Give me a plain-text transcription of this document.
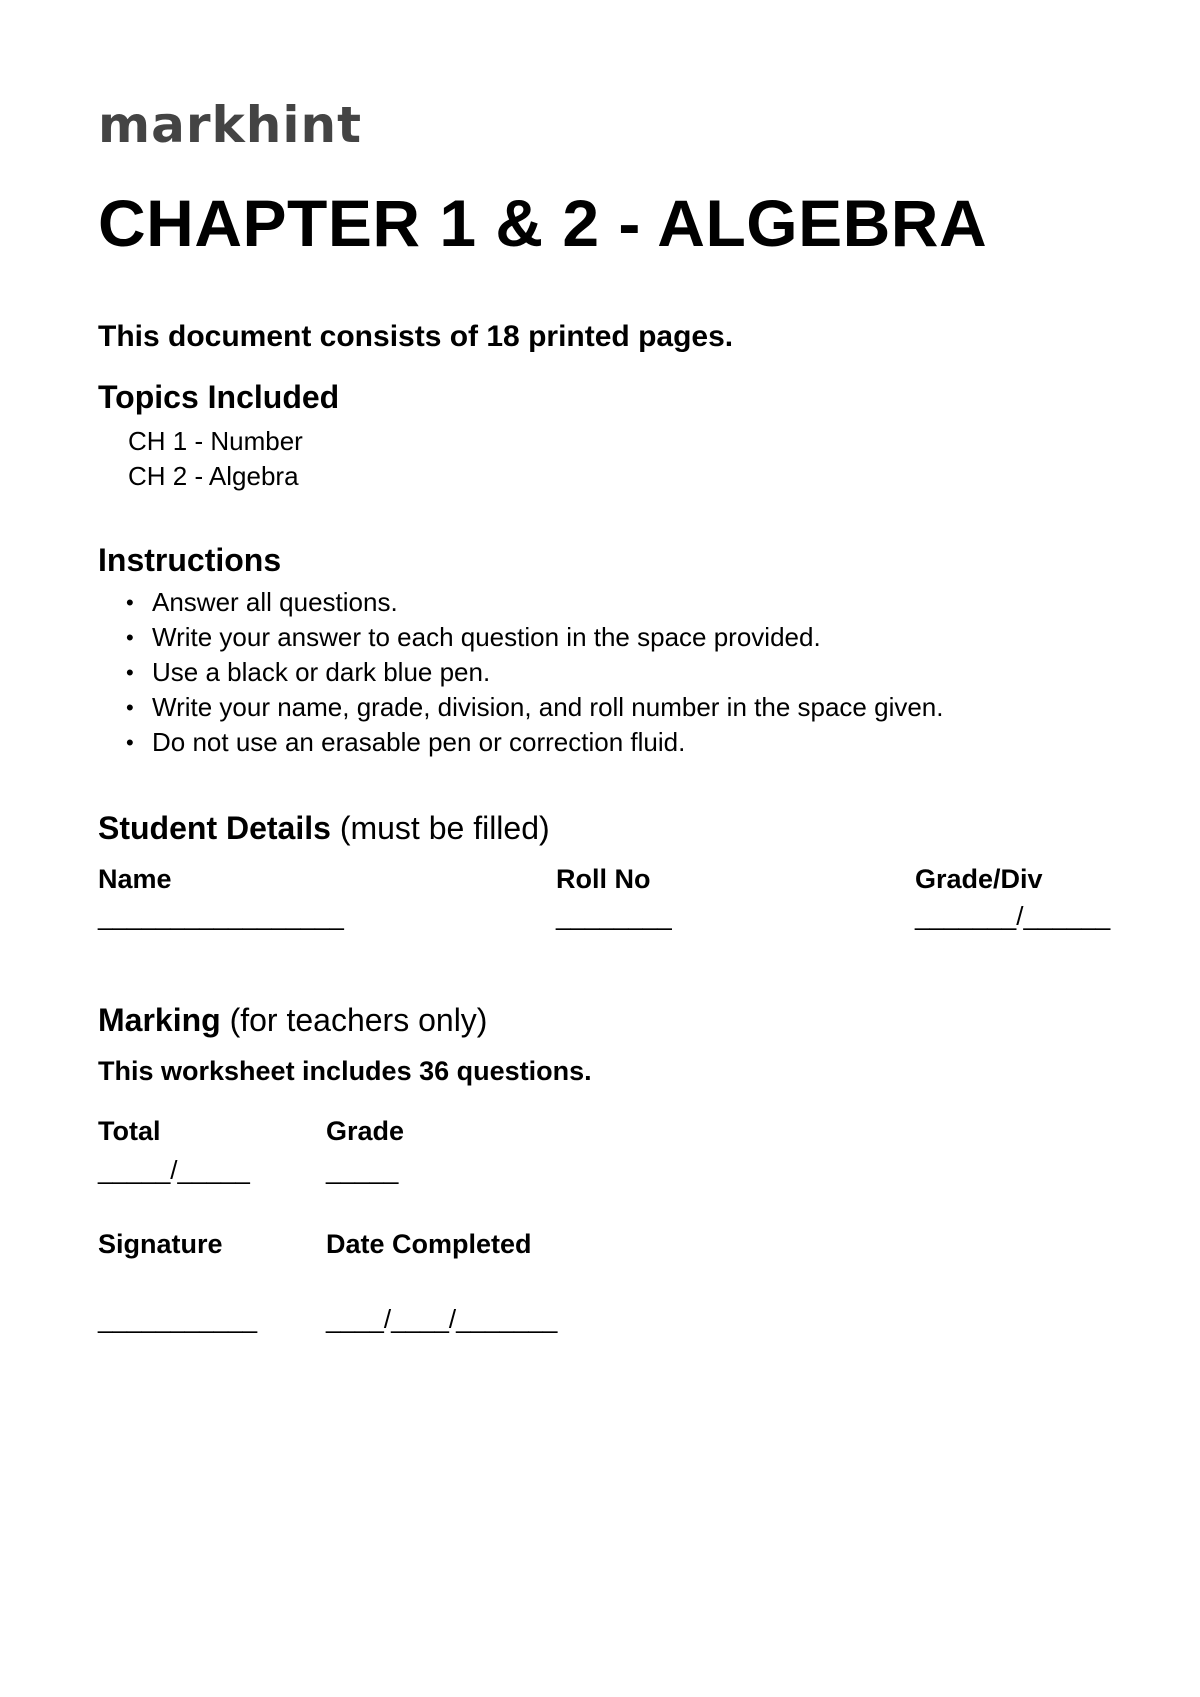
markhint
CHAPTER 1 & 2 - ALGEBRA
This document consists of 18 printed pages.
Topics Included
CH 1 - Number
CH 2 - Algebra
Instructions
• Answer all questions.
• Write your answer to each question in the space provided.
• Use a black or dark blue pen.
• Write your name, grade, division, and roll number in the space given.
• Do not use an erasable pen or correction fluid.
Student Details (must be filled)
Name
_________________
Roll No
________
Grade/Div
_______/______
Marking (for teachers only)
This worksheet includes 36 questions.
Total
_____/_____
Grade
_____
Signature
___________
Date Completed
____/____/_______
